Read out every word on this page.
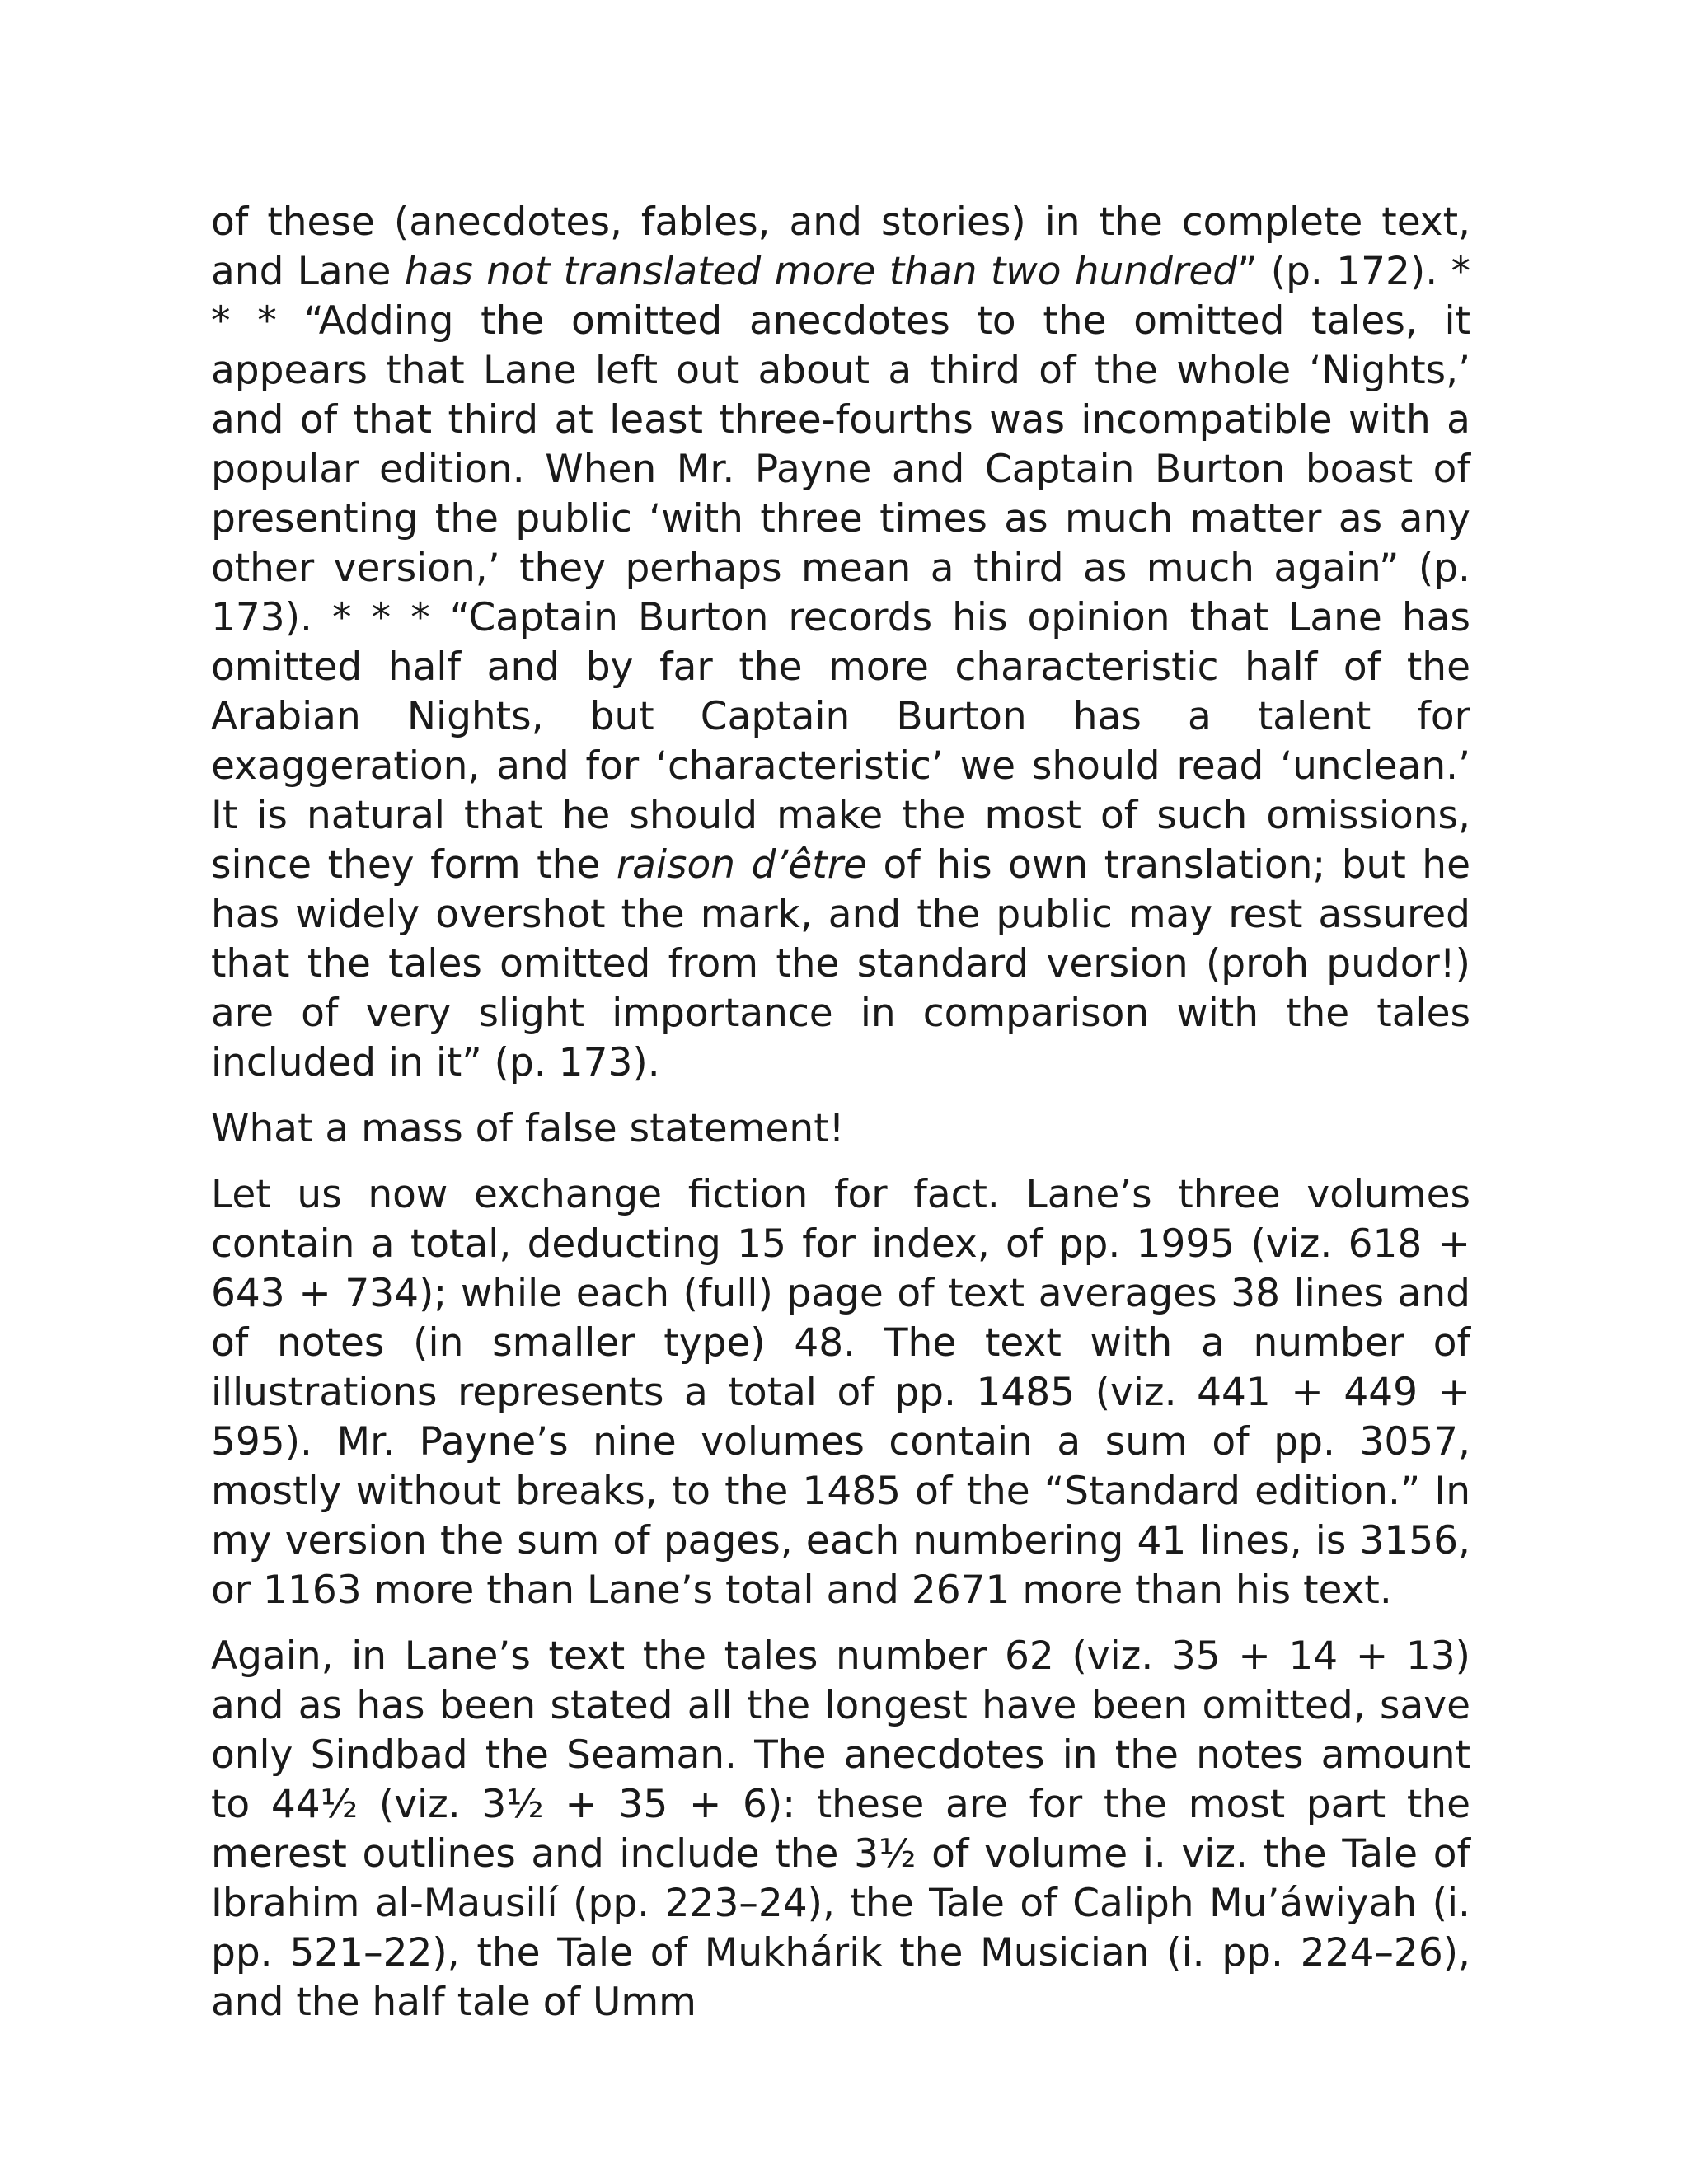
of these (anecdotes, fables, and stories) in the complete text, and Lane has not translated more than two hundred” (p. 172). * * * “Adding the omitted anecdotes to the omitted tales, it appears that Lane left out about a third of the whole ‘Nights,’ and of that third at least three-fourths was incompatible with a popular edition. When Mr. Payne and Captain Burton boast of presenting the public ‘with three times as much matter as any other version,’ they perhaps mean a third as much again” (p. 173). * * * “Captain Burton records his opinion that Lane has omitted half and by far the more characteristic half of the Arabian Nights, but Captain Burton has a talent for exaggeration, and for ‘characteristic’ we should read ‘unclean.’ It is natural that he should make the most of such omissions, since they form the raison d’être of his own translation; but he has widely overshot the mark, and the public may rest assured that the tales omitted from the standard version (proh pudor!) are of very slight importance in comparison with the tales included in it” (p. 173).

What a mass of false statement!

Let us now exchange fiction for fact. Lane’s three volumes contain a total, deducting 15 for index, of pp. 1995 (viz. 618 + 643 + 734); while each (full) page of text averages 38 lines and of notes (in smaller type) 48. The text with a number of illustrations represents a total of pp. 1485 (viz. 441 + 449 + 595). Mr. Payne’s nine volumes contain a sum of pp. 3057, mostly without breaks, to the 1485 of the “Standard edition.” In my version the sum of pages, each numbering 41 lines, is 3156, or 1163 more than Lane’s total and 2671 more than his text.

Again, in Lane’s text the tales number 62 (viz. 35 + 14 + 13) and as has been stated all the longest have been omitted, save only Sindbad the Seaman. The anecdotes in the notes amount to 44½ (viz. 3½ + 35 + 6): these are for the most part the merest outlines and include the 3½ of volume i. viz. the Tale of Ibrahim al-Mausilí (pp. 223–24), the Tale of Caliph Mu’áwiyah (i. pp. 521–22), the Tale of Mukhárik the Musician (i. pp. 224–26), and the half tale of Umm
